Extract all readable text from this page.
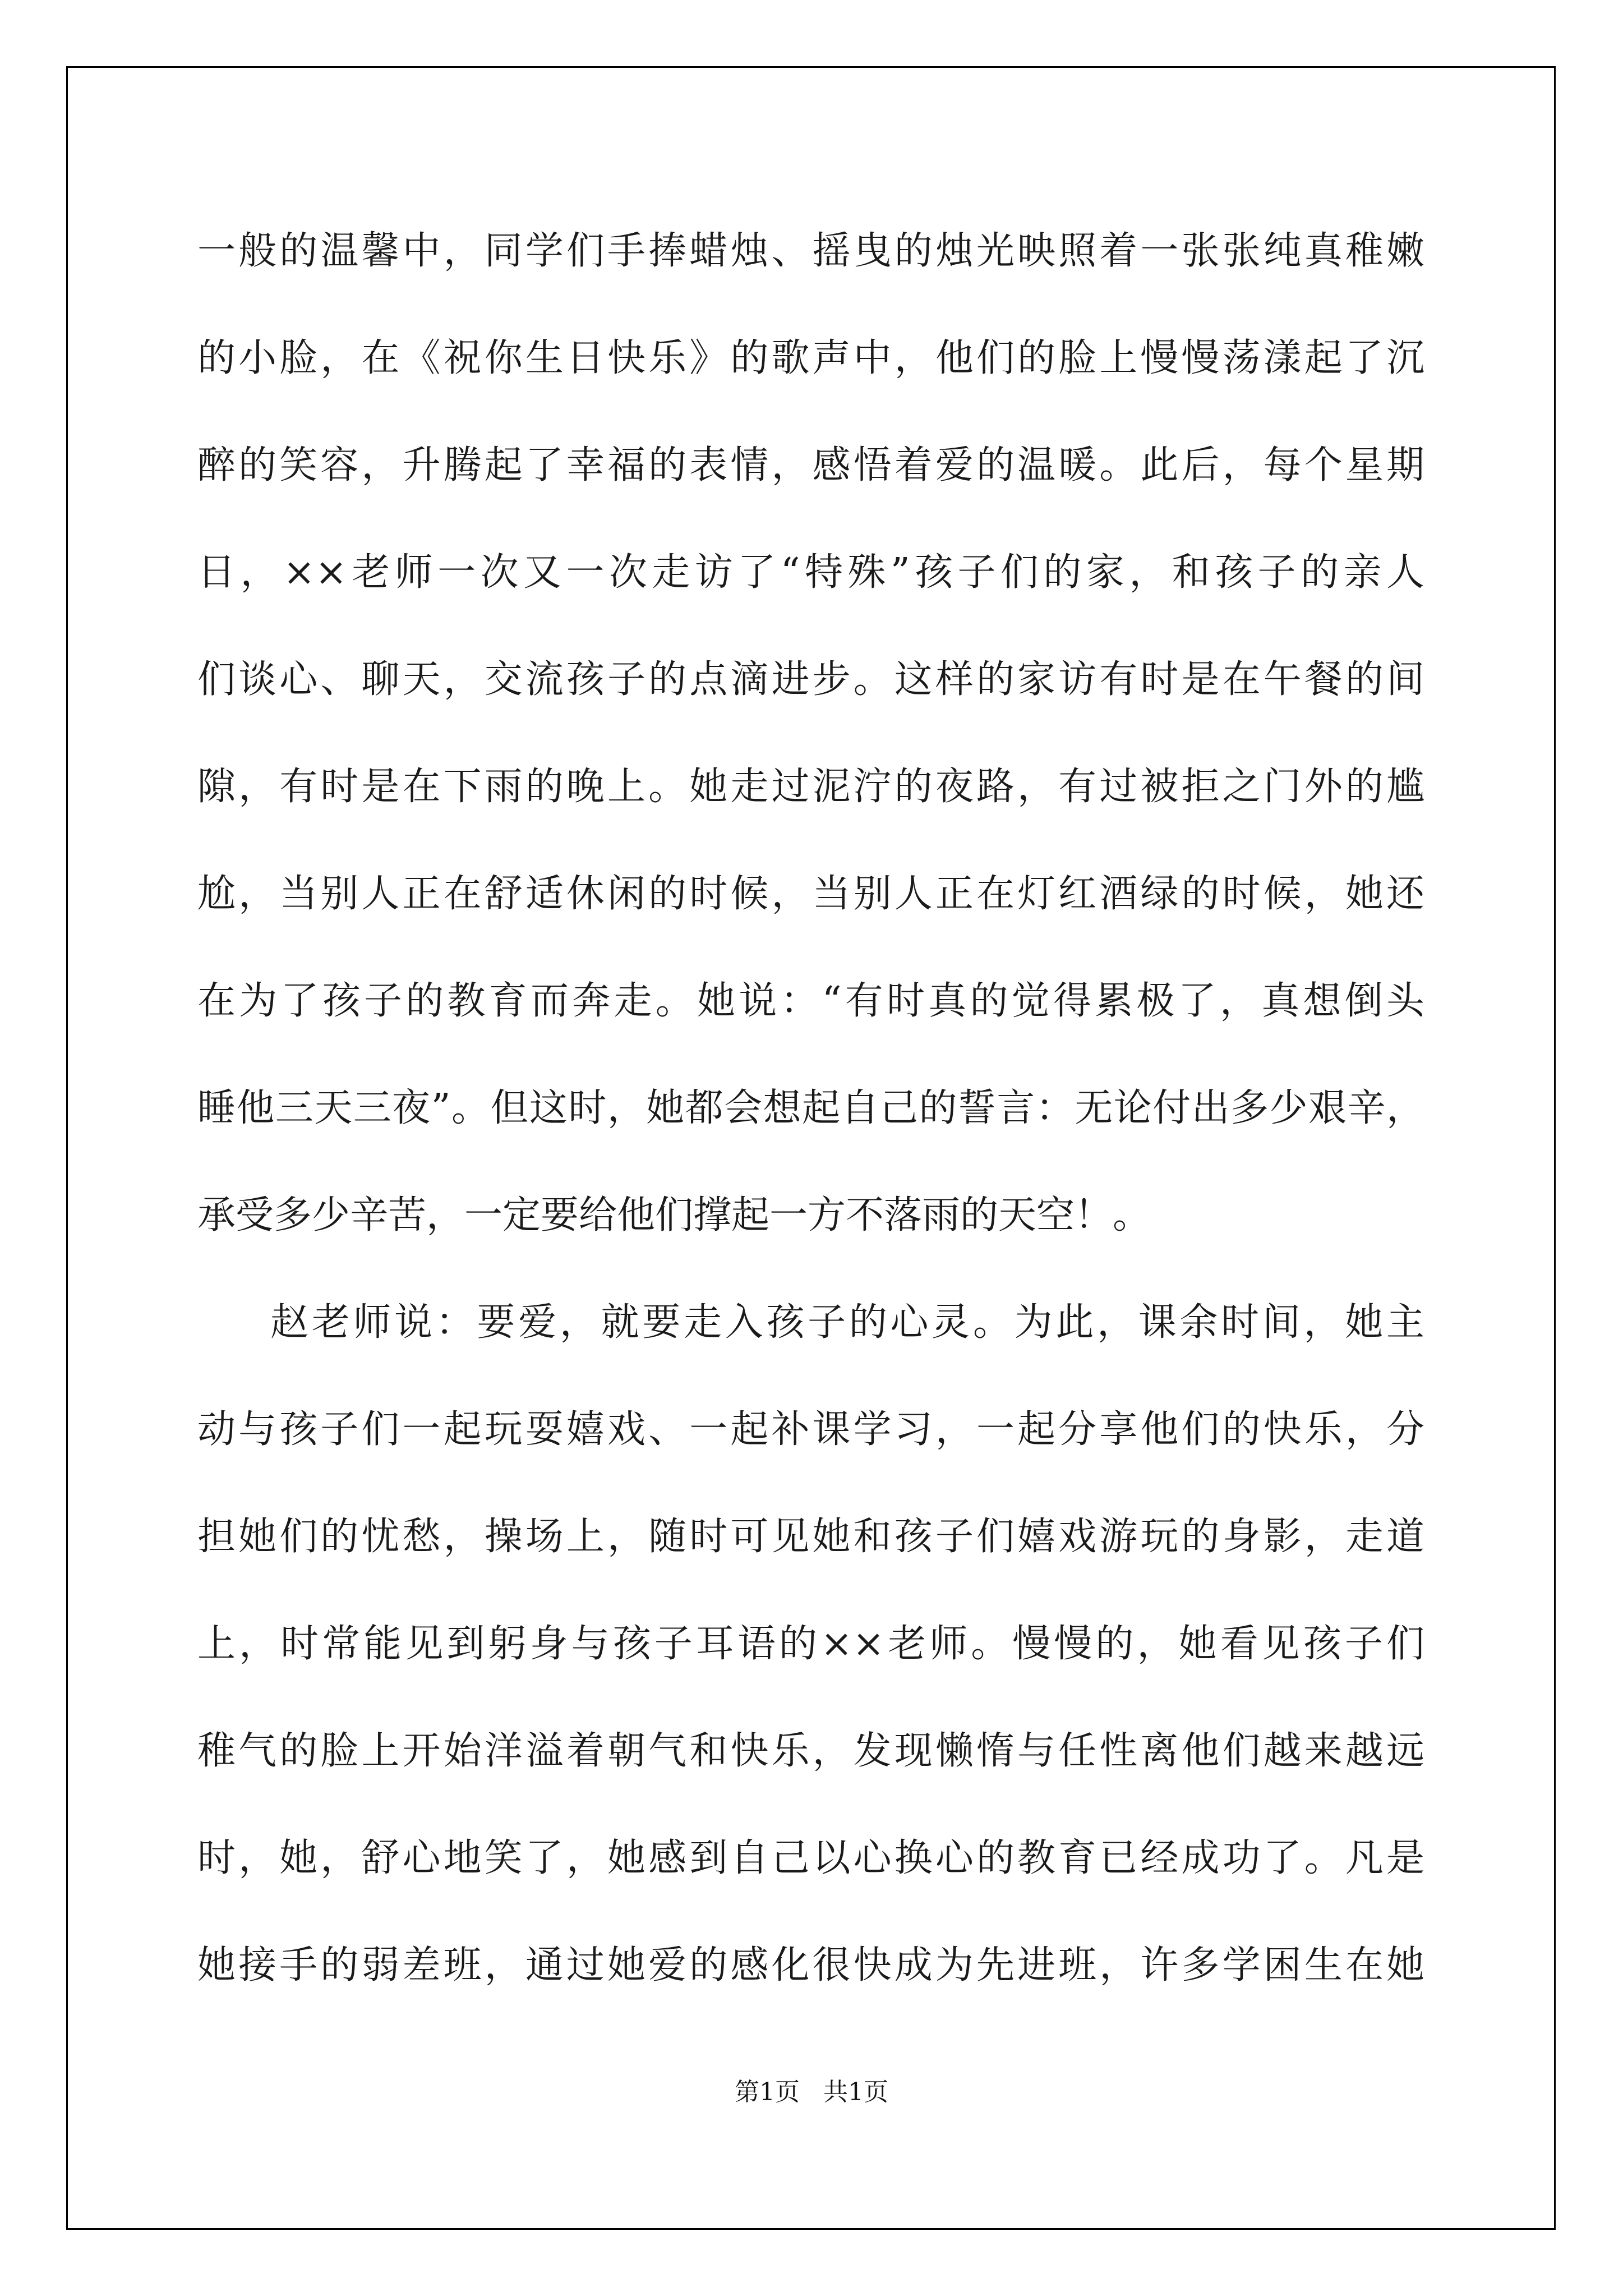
一般的温馨中，同学们手捧蜡烛、摇曳的烛光映照着一张张纯真稚嫩
的小脸，在《祝你生日快乐》的歌声中，他们的脸上慢慢荡漾起了沉
醉的笑容，升腾起了幸福的表情，感悟着爱的温暖。此后，每个星期
日，××老师一次又一次走访了“特殊”孩子们的家，和孩子的亲人
们谈心、聊天，交流孩子的点滴进步。这样的家访有时是在午餐的间
隙，有时是在下雨的晚上。她走过泥泞的夜路，有过被拒之门外的尴
尬，当别人正在舒适休闲的时候，当别人正在灯红酒绿的时候，她还
在为了孩子的教育而奔走。她说：“有时真的觉得累极了，真想倒头
睡他三天三夜”。但这时，她都会想起自己的誓言：无论付出多少艰辛，
承受多少辛苦，一定要给他们撑起一方不落雨的天空！。
赵老师说：要爱，就要走入孩子的心灵。为此，课余时间，她主
动与孩子们一起玩耍嬉戏、一起补课学习，一起分享他们的快乐，分
担她们的忧愁，操场上，随时可见她和孩子们嬉戏游玩的身影，走道
上，时常能见到躬身与孩子耳语的××老师。慢慢的，她看见孩子们
稚气的脸上开始洋溢着朝气和快乐，发现懒惰与任性离他们越来越远
时，她，舒心地笑了，她感到自己以心换心的教育已经成功了。凡是
她接手的弱差班，通过她爱的感化很快成为先进班，许多学困生在她
第1页   共1页
